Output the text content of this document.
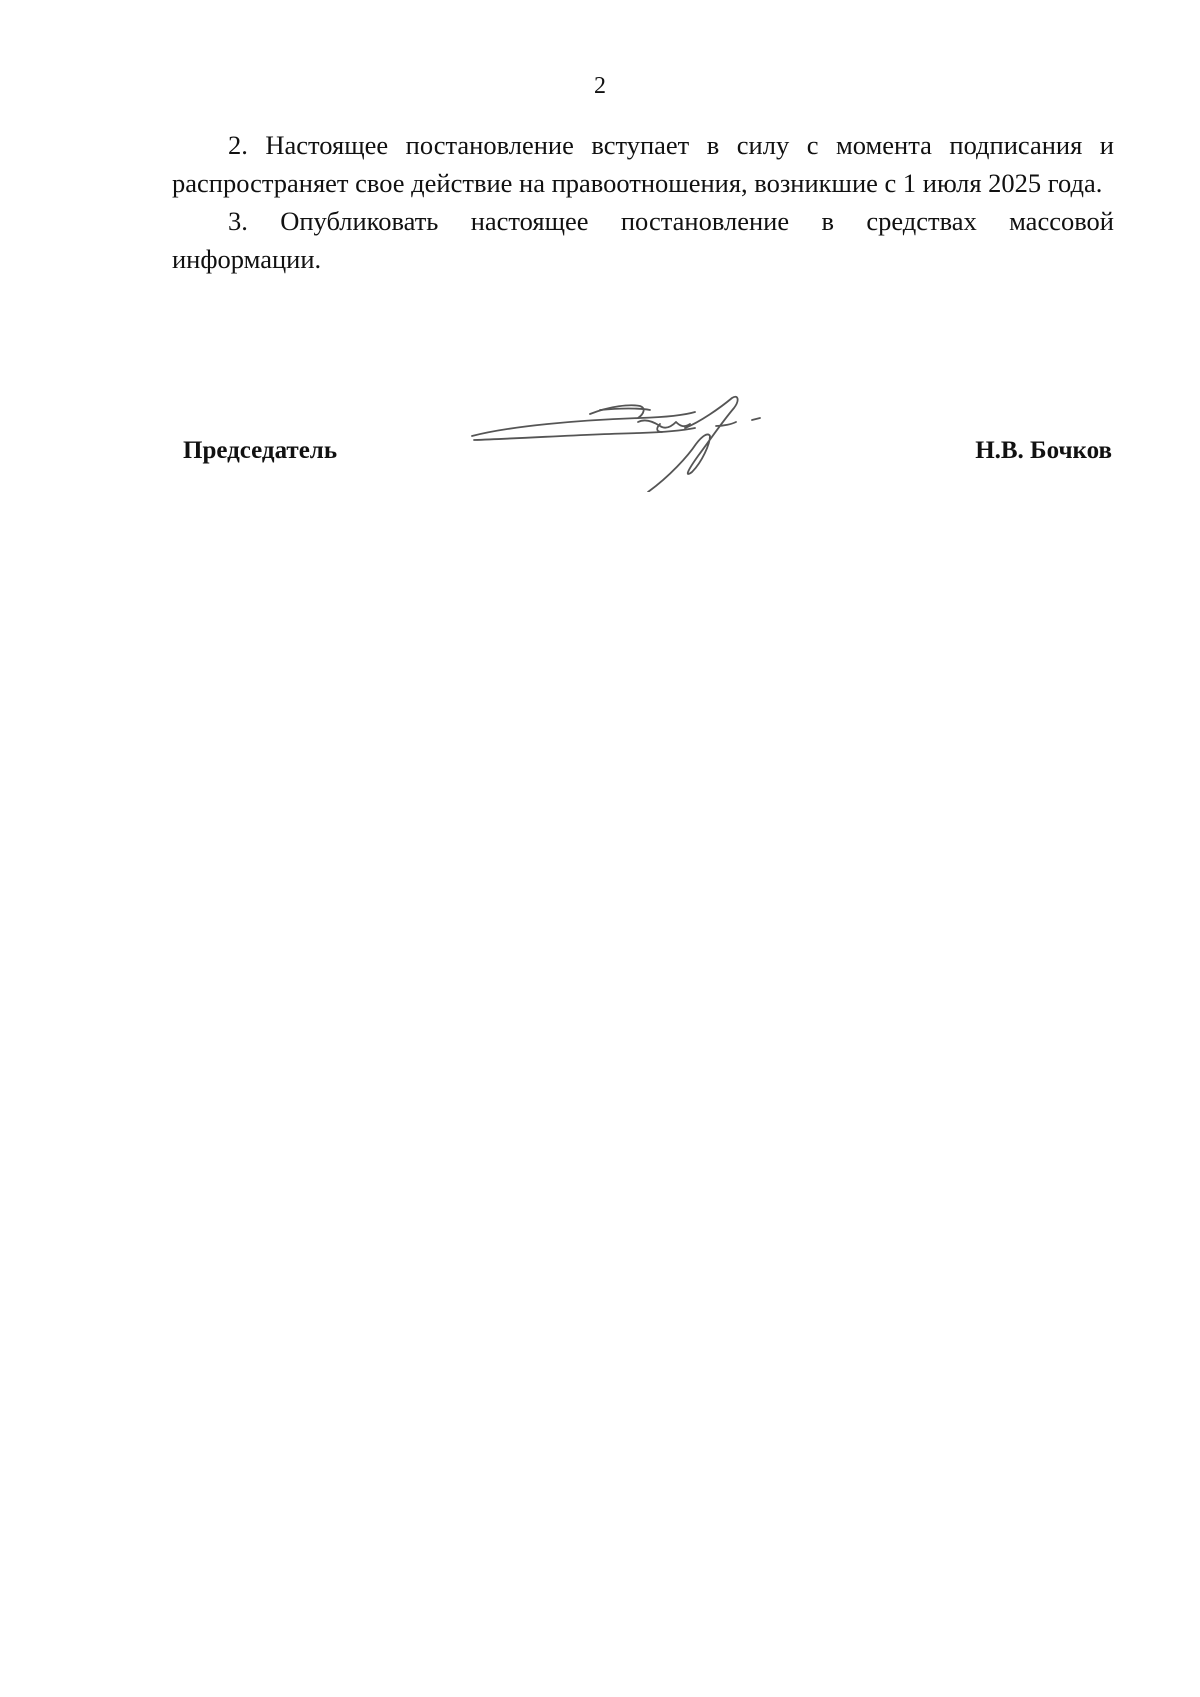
2

2. Настоящее постановление вступает в силу с момента подписания и распространяет свое действие на правоотношения, возникшие с 1 июля 2025 года.

3. Опубликовать настоящее постановление в средствах массовой информации.

Председатель	Н.В. Бочков
